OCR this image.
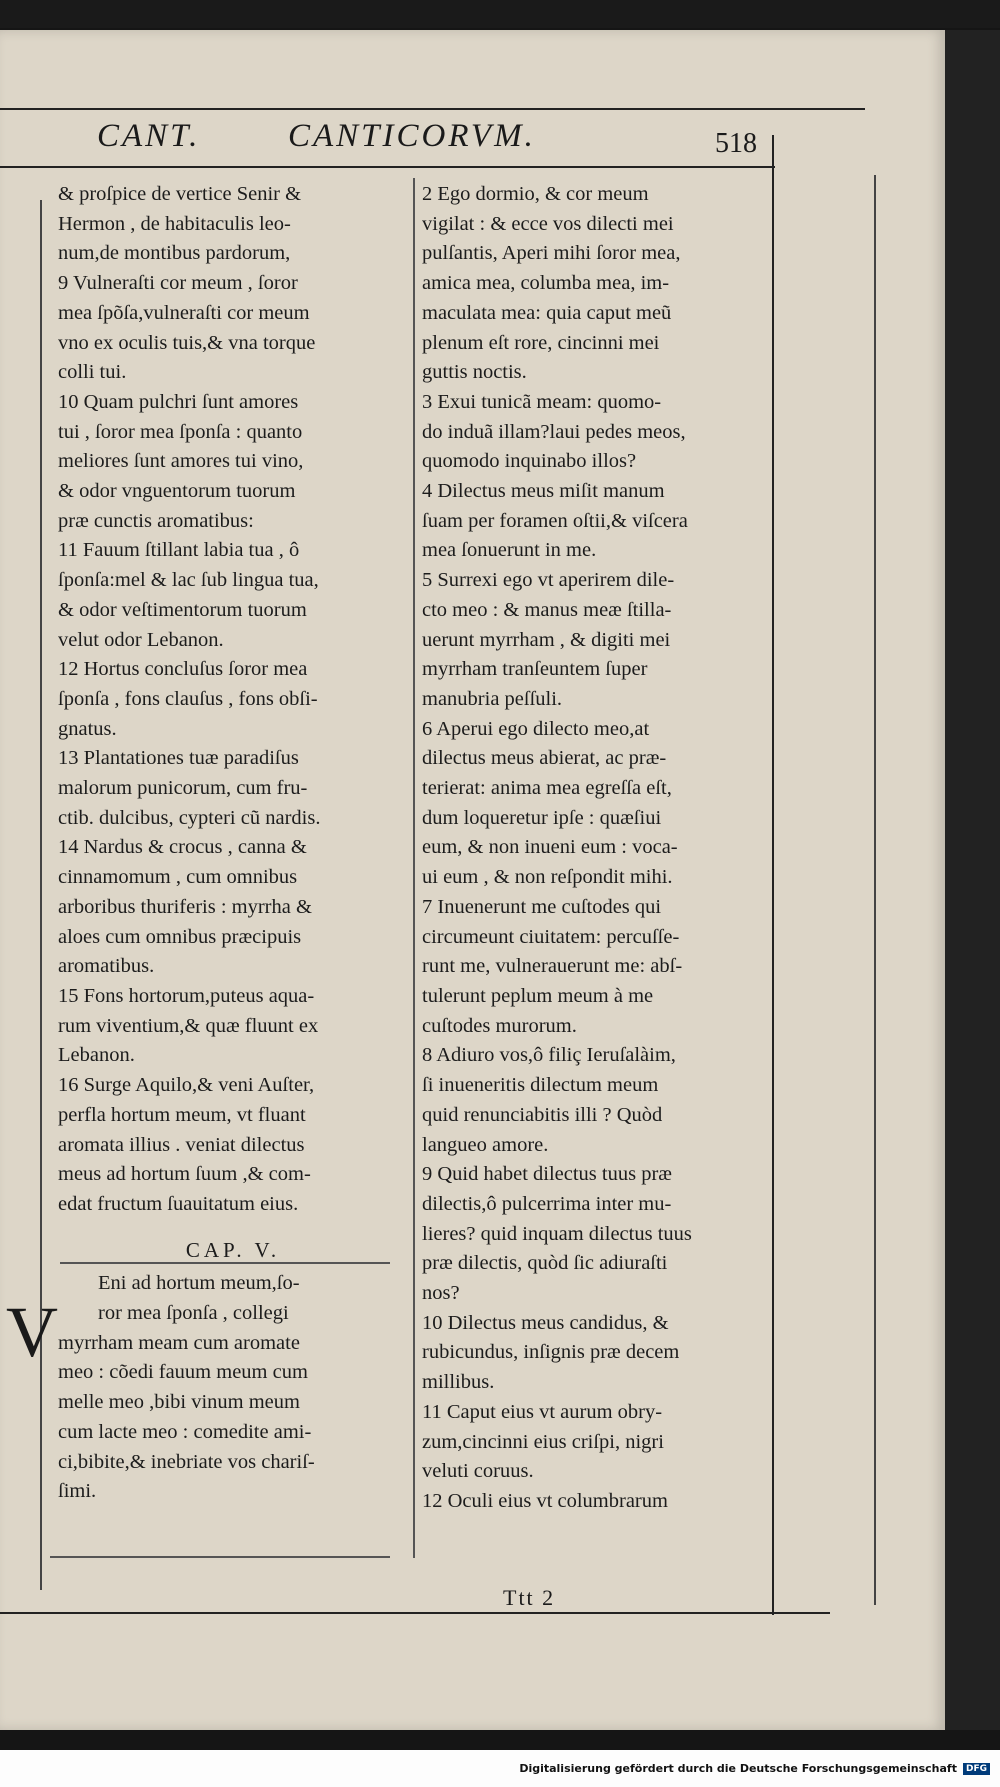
CANT.	CANTICORVM.	518
& proſpice de vertice Senir &
Hermon , de habitaculis leo-
num,de montibus pardorum,
9 Vulneraſti cor meum , ſoror
mea ſpõſa,vulneraſti cor meum
vno ex oculis tuis,& vna torque
colli tui.
10 Quam pulchri ſunt amores
tui , ſoror mea ſponſa : quanto
meliores ſunt amores tui vino,
& odor vnguentorum tuorum
præ cunctis aromatibus:
11 Fauum ſtillant labia tua , ô
ſponſa:mel & lac ſub lingua tua,
& odor veſtimentorum tuorum
velut odor Lebanon.
12 Hortus concluſus ſoror mea
ſponſa , fons clauſus , fons obſi-
gnatus.
13 Plantationes tuæ paradiſus
malorum punicorum, cum fru-
ctib. dulcibus, cypteri cũ nardis.
14 Nardus & crocus , canna &
cinnamomum , cum omnibus
arboribus thuriferis : myrrha &
aloes cum omnibus præcipuis
aromatibus.
15 Fons hortorum,puteus aqua-
rum viventium,& quæ fluunt ex
Lebanon.
16 Surge Aquilo,& veni Auſter,
perfla hortum meum, vt fluant
aromata illius . veniat dilectus
meus ad hortum ſuum ,& com-
edat fructum ſuauitatum eius.
CAP. V.
Eni ad hortum meum,ſo-
ror mea ſponſa , collegi
myrrham meam cum aromate
meo : cõedi fauum meum cum
melle meo ,bibi vinum meum
cum lacte meo : comedite ami-
ci,bibite,& inebriate vos chariſ-
ſimi.
V
2 Ego dormio, & cor meum
vigilat : & ecce vos dilecti mei
pulſantis, Aperi mihi ſoror mea,
amica mea, columba mea, im-
maculata mea: quia caput meũ
plenum eſt rore, cincinni mei
guttis noctis.
3 Exui tunicã meam: quomo-
do induã illam?laui pedes meos,
quomodo inquinabo illos?
4 Dilectus meus miſit manum
ſuam per foramen oſtii,& viſcera
mea ſonuerunt in me.
5 Surrexi ego vt aperirem dile-
cto meo : & manus meæ ſtilla-
uerunt myrrham , & digiti mei
myrrham tranſeuntem ſuper
manubria peſſuli.
6 Aperui ego dilecto meo,at
dilectus meus abierat, ac præ-
terierat: anima mea egreſſa eſt,
dum loqueretur ipſe : quæſiui
eum, & non inueni eum : voca-
ui eum , & non reſpondit mihi.
7 Inuenerunt me cuſtodes qui
circumeunt ciuitatem: percuſſe-
runt me, vulnerauerunt me: abſ-
tulerunt peplum meum à me
cuſtodes murorum.
8 Adiuro vos,ô filiç Ieruſalàim,
ſi inueneritis dilectum meum
quid renunciabitis illi ? Quòd
langueo amore.
9 Quid habet dilectus tuus præ
dilectis,ô pulcerrima inter mu-
lieres? quid inquam dilectus tuus
præ dilectis, quòd ſic adiuraſti
nos?
10 Dilectus meus candidus, &
rubicundus, inſignis præ decem
millibus.
11 Caput eius vt aurum obry-
zum,cincinni eius criſpi, nigri
veluti coruus.
12 Oculi eius vt columbrarum
Ttt 2
Digitalisierung gefördert durch die Deutsche Forschungsgemeinschaft	DFG
